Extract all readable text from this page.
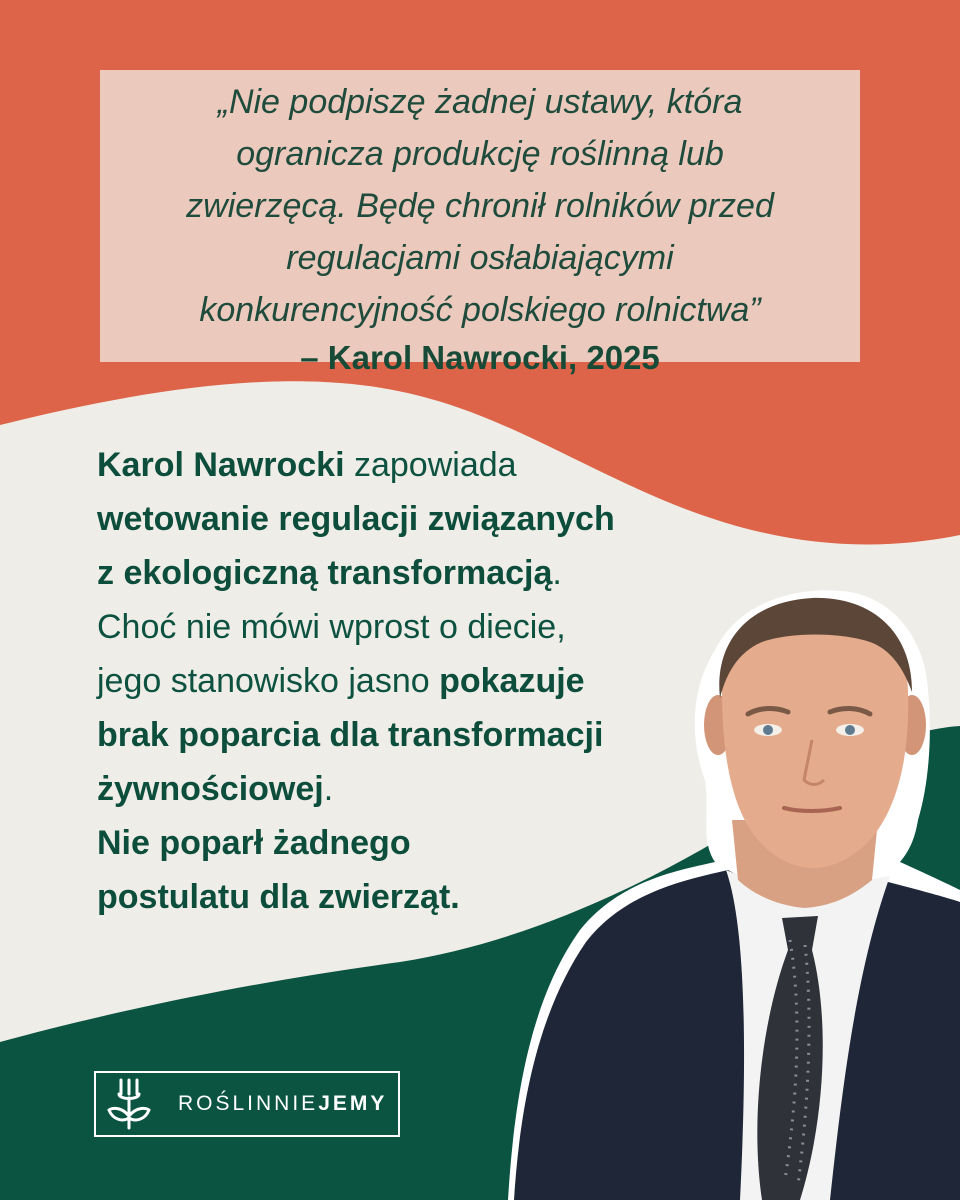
„Nie podpiszę żadnej ustawy, która

ogranicza produkcję roślinną lub

zwierzęcą. Będę chronił rolników przed

regulacjami osłabiającymi

konkurencyjność polskiego rolnictwa”

– Karol Nawrocki, 2025

Karol Nawrocki zapowiada
wetowanie regulacji związanych
z ekologiczną transformacją.
Choć nie mówi wprost o diecie,
jego stanowisko jasno pokazuje
brak poparcia dla transformacji
żywnościowej.
Nie poparł żadnego
postulatu dla zwierząt.
ROŚLINNIEJEMY
